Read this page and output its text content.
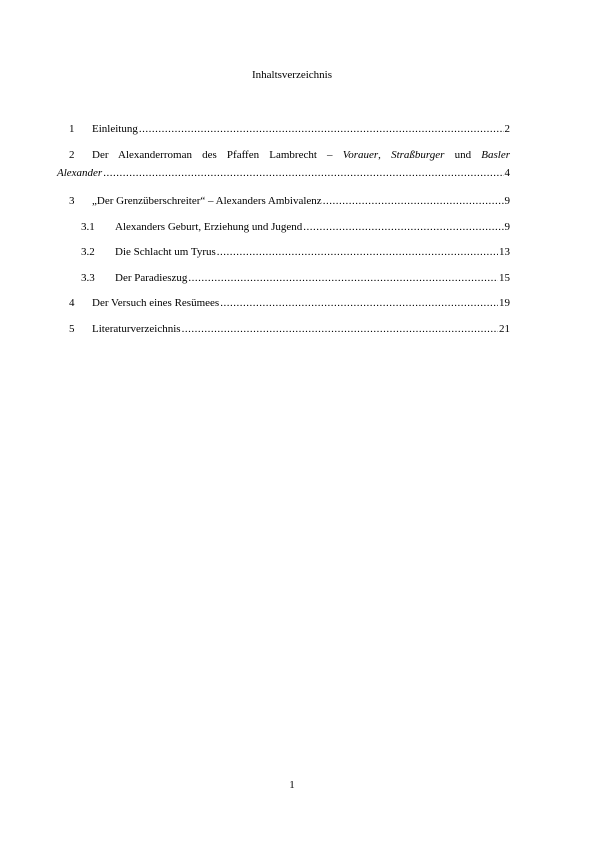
Inhaltsverzeichnis
1	Einleitung .....	2
2	Der Alexanderroman des Pfaffen Lambrecht – Vorauer, Straßburger und Basler
Alexander .....	4
3	„Der Grenzüberschreiter“ – Alexanders Ambivalenz .....	9
3.1	Alexanders Geburt, Erziehung und Jugend .....	9
3.2	Die Schlacht um Tyrus .....	13
3.3	Der Paradieszug .....	15
4	Der Versuch eines Resümees .....	19
5	Literaturverzeichnis .....	21
1
